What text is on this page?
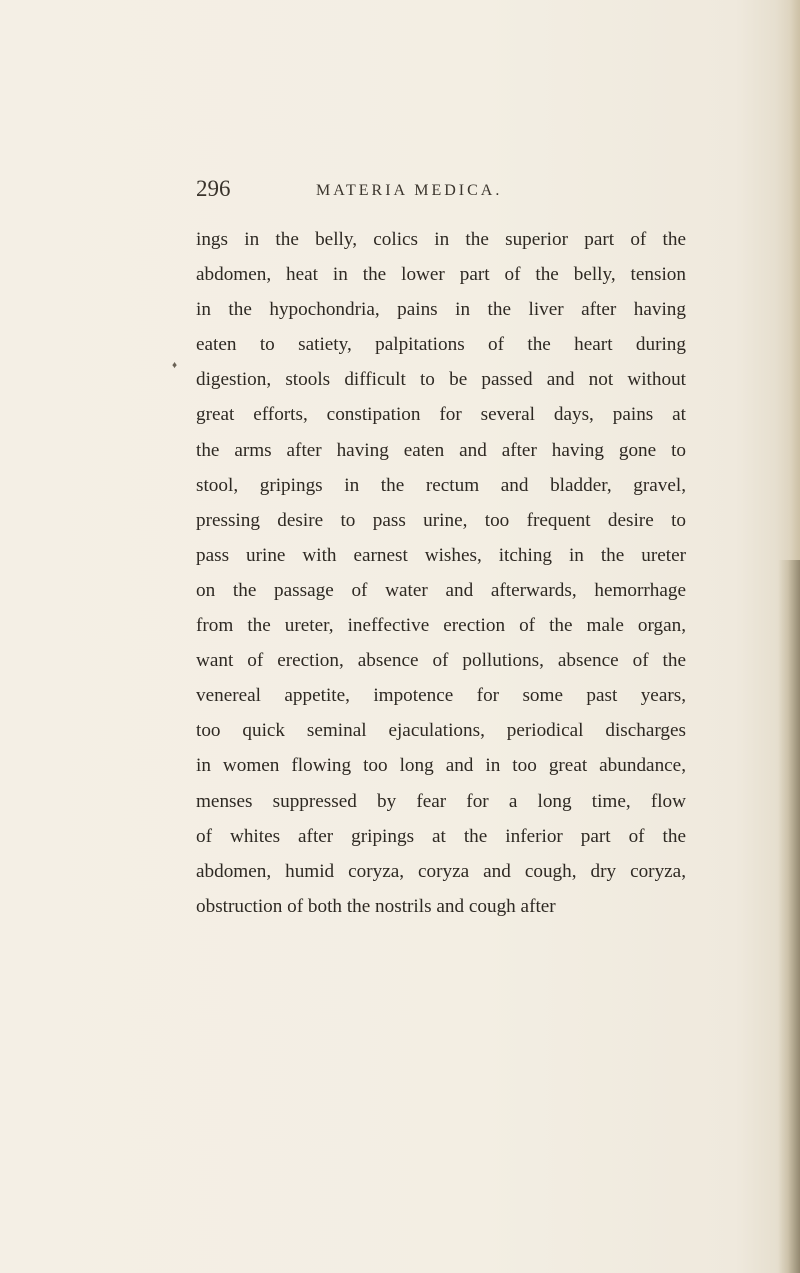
296	MATERIA MEDICA.
♦
ings in the belly, colics in the superior part of the
abdomen, heat in the lower part of the belly, tension
in the hypochondria, pains in the liver after having
eaten to satiety, palpitations of the heart during
digestion, stools difficult to be passed and not without
great efforts, constipation for several days, pains at
the arms after having eaten and after having gone to
stool, gripings in the rectum and bladder, gravel,
pressing desire to pass urine, too frequent desire to
pass urine with earnest wishes, itching in the ureter
on the passage of water and afterwards, hemorrhage
from the ureter, ineffective erection of the male organ,
want of erection, absence of pollutions, absence of the
venereal appetite, impotence for some past years,
too quick seminal ejaculations, periodical discharges
in women flowing too long and in too great abundance,
menses suppressed by fear for a long time, flow
of whites after gripings at the inferior part of the
abdomen, humid coryza, coryza and cough, dry coryza,
obstruction of both the nostrils and cough after
